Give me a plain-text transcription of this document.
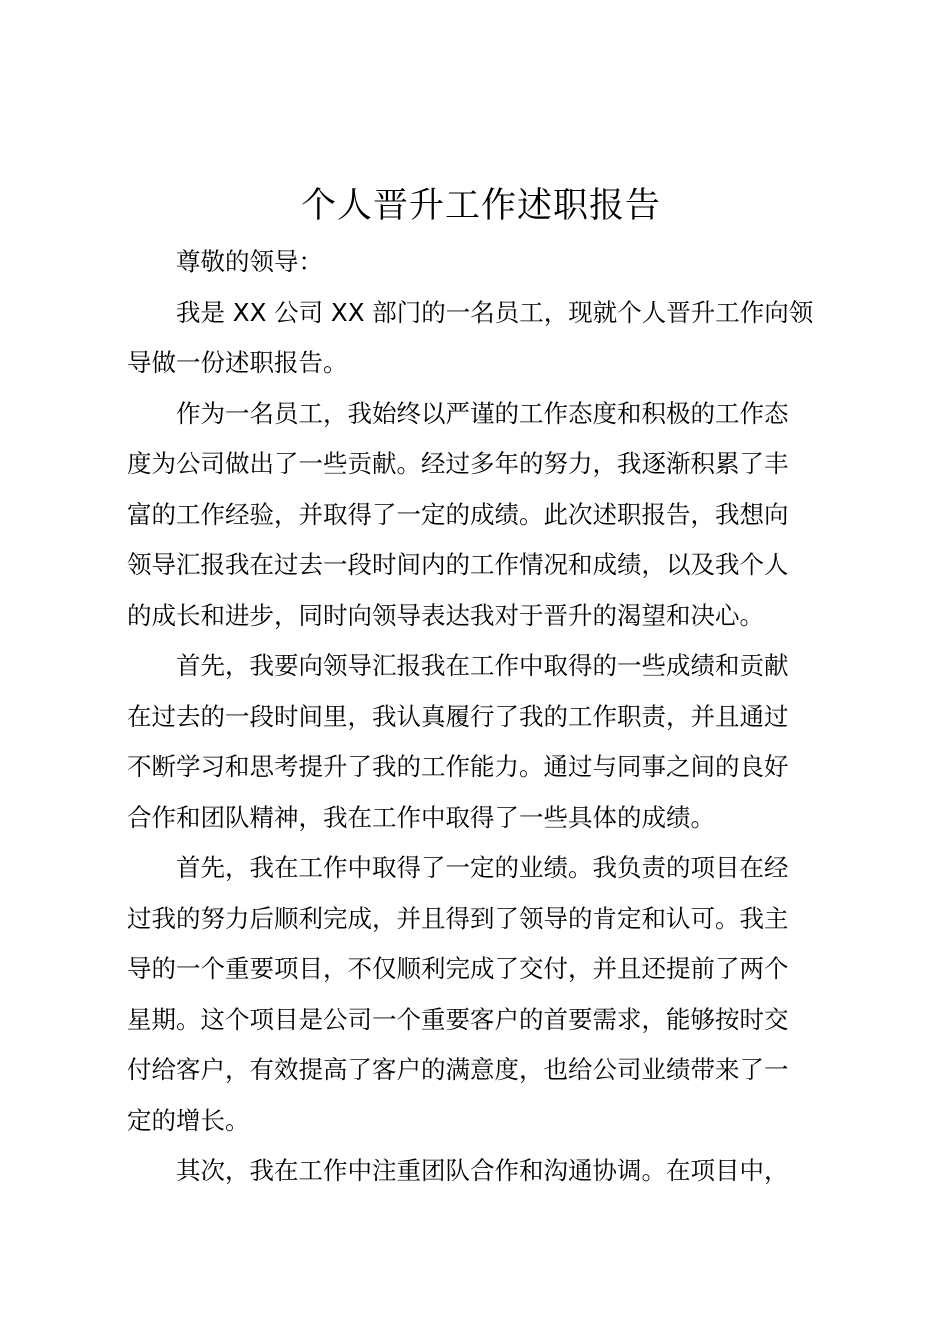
个人晋升工作述职报告

尊敬的领导：

我是 XX 公司 XX 部门的一名员工，现就个人晋升工作向领
导做一份述职报告。

作为一名员工，我始终以严谨的工作态度和积极的工作态
度为公司做出了一些贡献。经过多年的努力，我逐渐积累了丰
富的工作经验，并取得了一定的成绩。此次述职报告，我想向
领导汇报我在过去一段时间内的工作情况和成绩，以及我个人
的成长和进步，同时向领导表达我对于晋升的渴望和决心。

首先，我要向领导汇报我在工作中取得的一些成绩和贡献
在过去的一段时间里，我认真履行了我的工作职责，并且通过
不断学习和思考提升了我的工作能力。通过与同事之间的良好
合作和团队精神，我在工作中取得了一些具体的成绩。

首先，我在工作中取得了一定的业绩。我负责的项目在经
过我的努力后顺利完成，并且得到了领导的肯定和认可。我主
导的一个重要项目，不仅顺利完成了交付，并且还提前了两个
星期。这个项目是公司一个重要客户的首要需求，能够按时交
付给客户，有效提高了客户的满意度，也给公司业绩带来了一
定的增长。

其次，我在工作中注重团队合作和沟通协调。在项目中，
